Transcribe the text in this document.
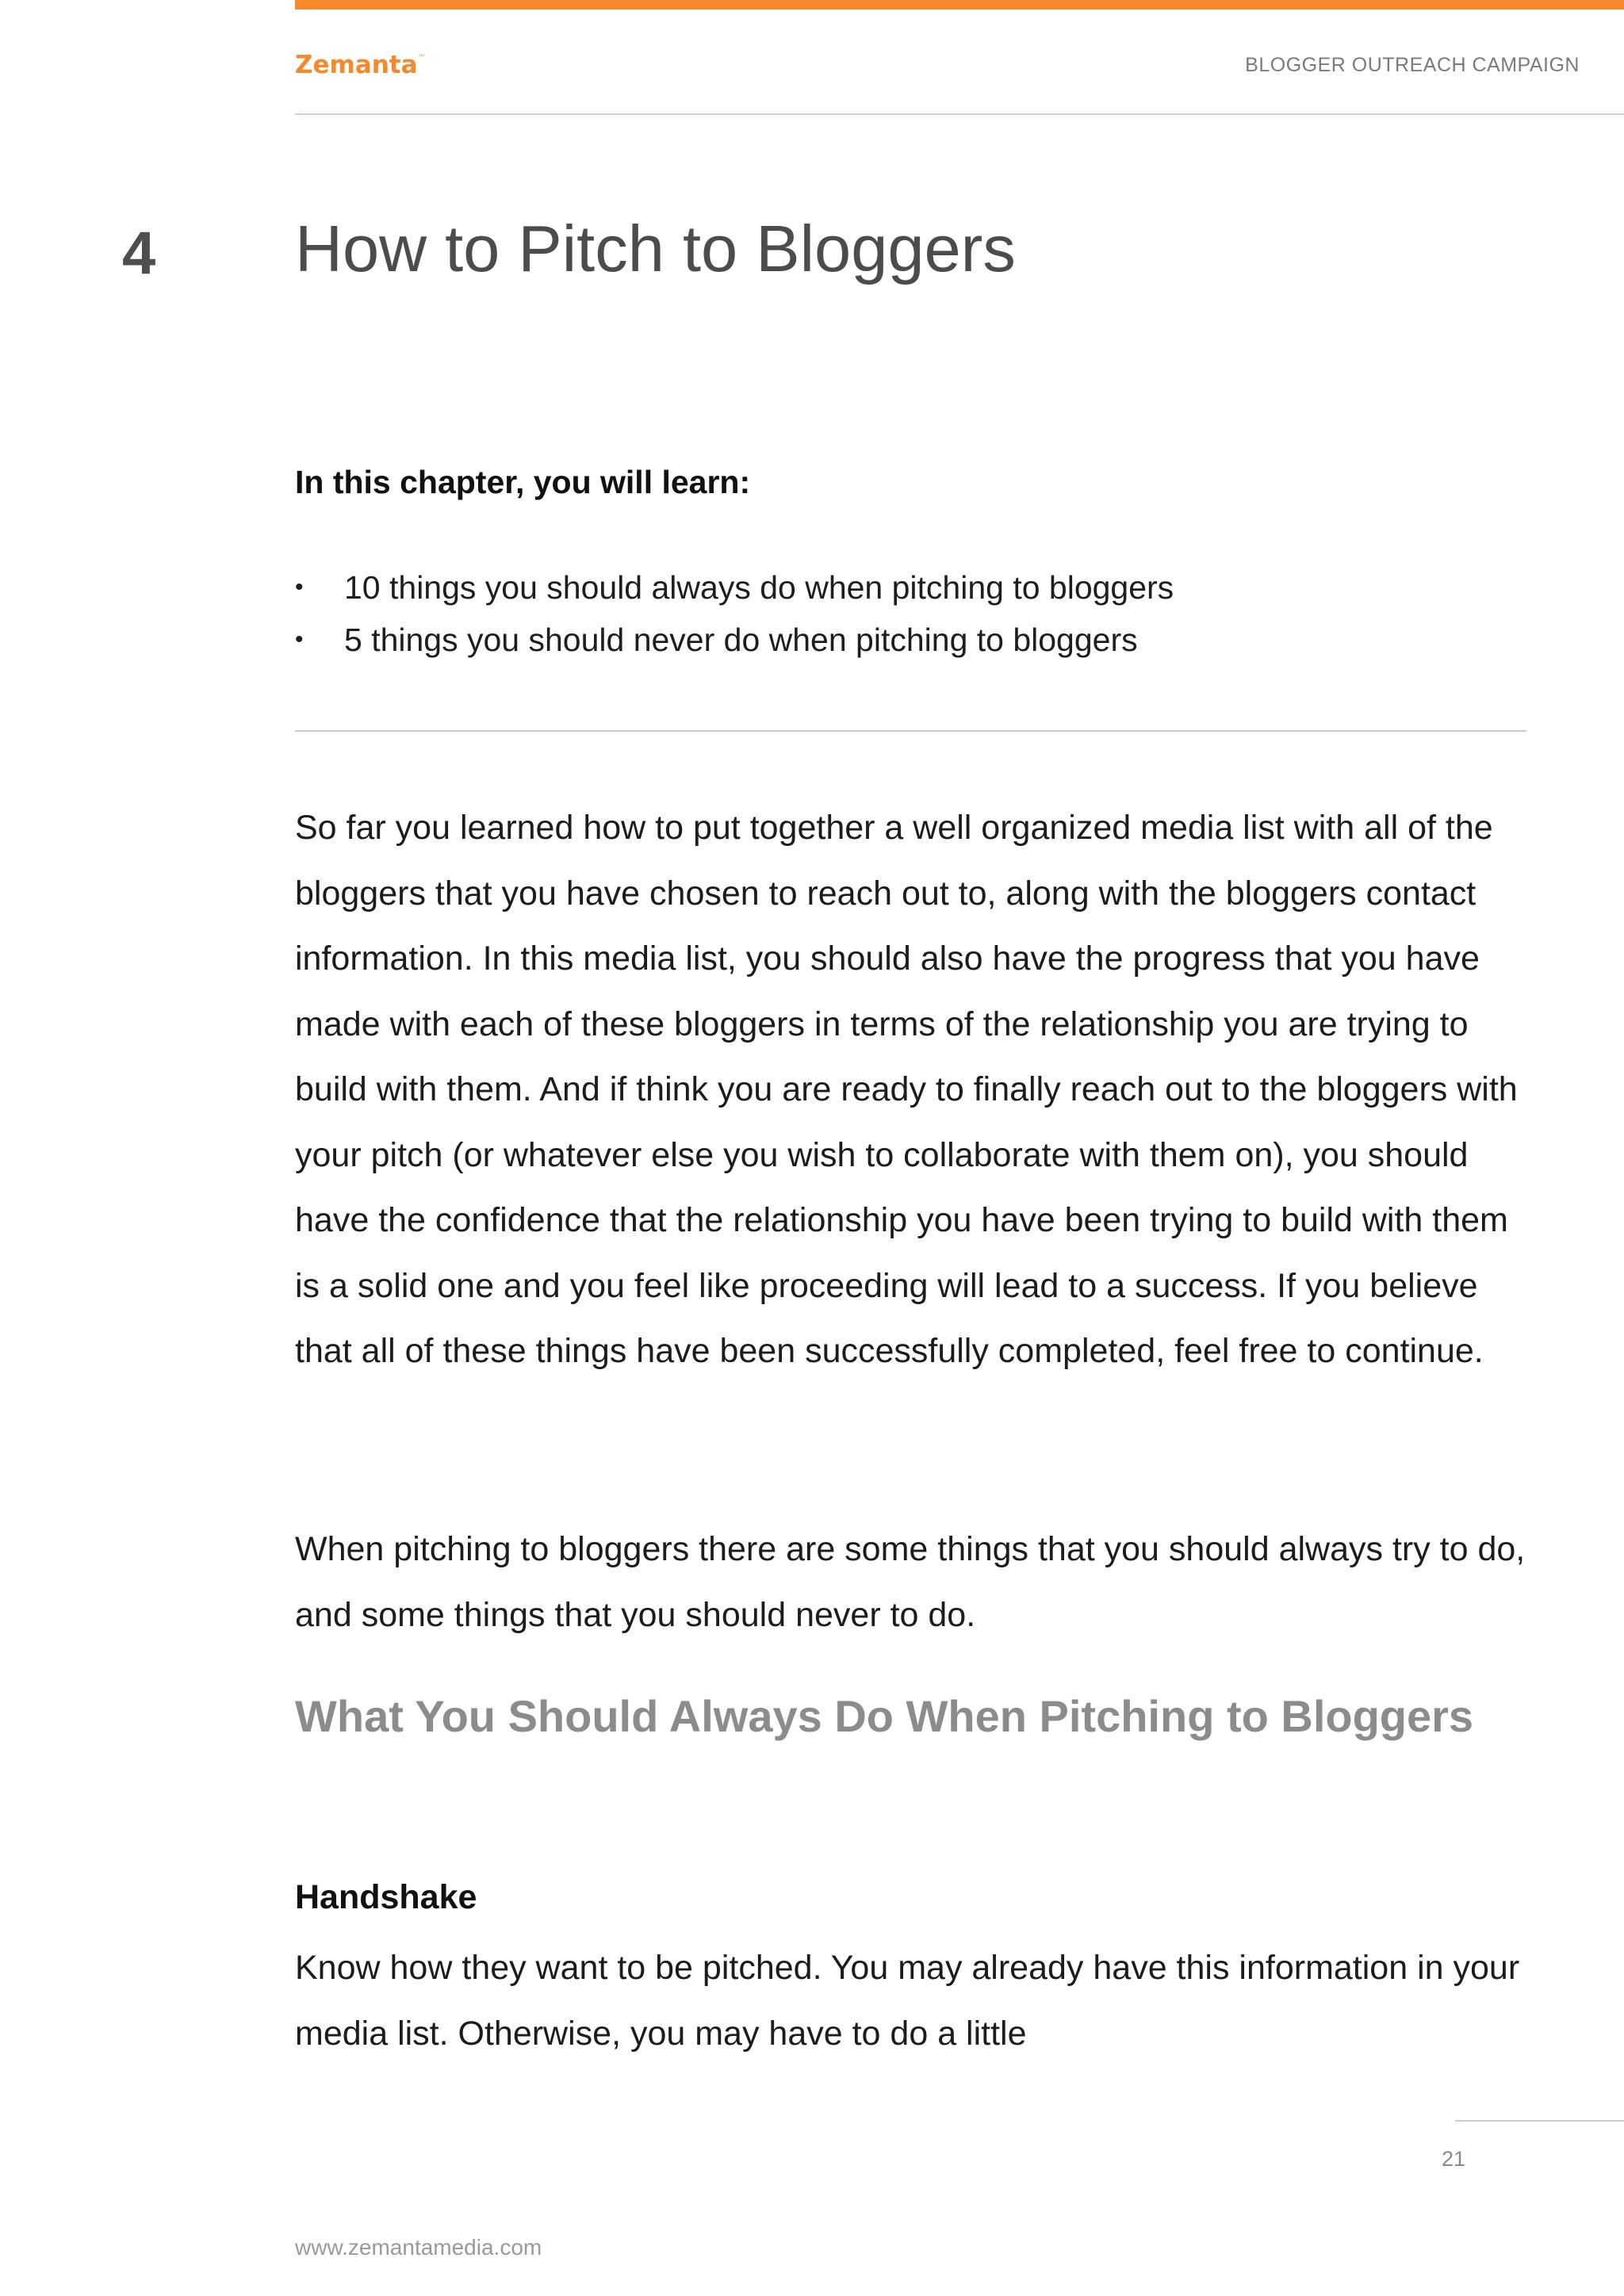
Zemanta™	BLOGGER OUTREACH CAMPAIGN
4 How to Pitch to Bloggers
In this chapter, you will learn:
• 10 things you should always do when pitching to bloggers
• 5 things you should never do when pitching to bloggers

So far you learned how to put together a well organized media list with all of the bloggers that you have chosen to reach out to, along with the bloggers contact information. In this media list, you should also have the progress that you have made with each of these bloggers in terms of the relationship you are trying to build with them. And if think you are ready to finally reach out to the bloggers with your pitch (or whatever else you wish to collaborate with them on), you should have the confidence that the relationship you have been trying to build with them is a solid one and you feel like proceeding will lead to a success. If you believe that all of these things have been successfully completed, feel free to continue.

When pitching to bloggers there are some things that you should always try to do, and some things that you should never to do.

What You Should Always Do When Pitching to Bloggers
Handshake

Know how they want to be pitched. You may already have this information in your media list. Otherwise, you may have to do a little

21
www.zemantamedia.com
